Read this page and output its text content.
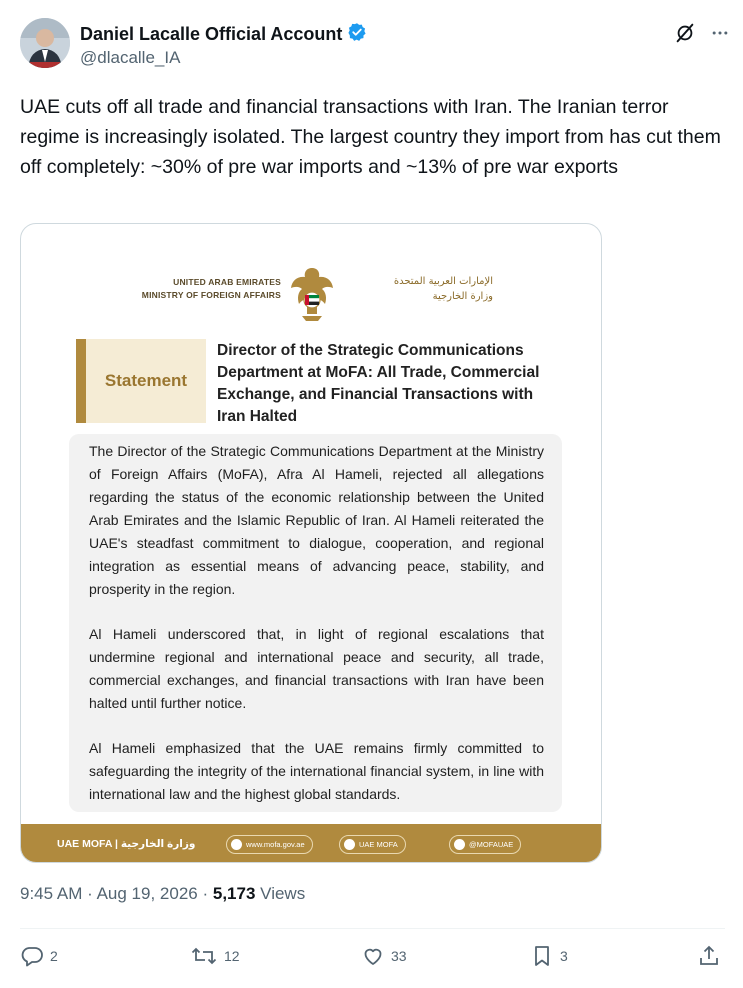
Daniel Lacalle Official Account
@dlacalle_IA
UAE cuts off all trade and financial transactions with Iran. The Iranian terror regime is increasingly isolated. The largest country they import from has cut them off completely: ~30% of pre war imports and ~13% of pre war exports
UNITED ARAB EMIRATES
MINISTRY OF FOREIGN AFFAIRS
الإمارات العربية المتحدة
وزارة الخارجية
Statement
Director of the Strategic Communications Department at MoFA: All Trade, Commercial Exchange, and Financial Transactions with Iran Halted

The Director of the Strategic Communications Department at the Ministry of Foreign Affairs (MoFA), Afra Al Hameli, rejected all allegations regarding the status of the economic relationship between the United Arab Emirates and the Islamic Republic of Iran. Al Hameli reiterated the UAE's steadfast commitment to dialogue, cooperation, and regional integration as essential means of advancing peace, stability, and prosperity in the region.

Al Hameli underscored that, in light of regional escalations that undermine regional and international peace and security, all trade, commercial exchanges, and financial transactions with Iran have been halted until further notice.

Al Hameli emphasized that the UAE remains firmly committed to safeguarding the integrity of the international financial system, in line with international law and the highest global standards.

UAE MOFA | وزارة الخارجية	www.mofa.gov.ae	UAE MOFA	@MOFAUAE
9:45 AM · Aug 19, 2026 · 5,173 Views
2	12	33	3
